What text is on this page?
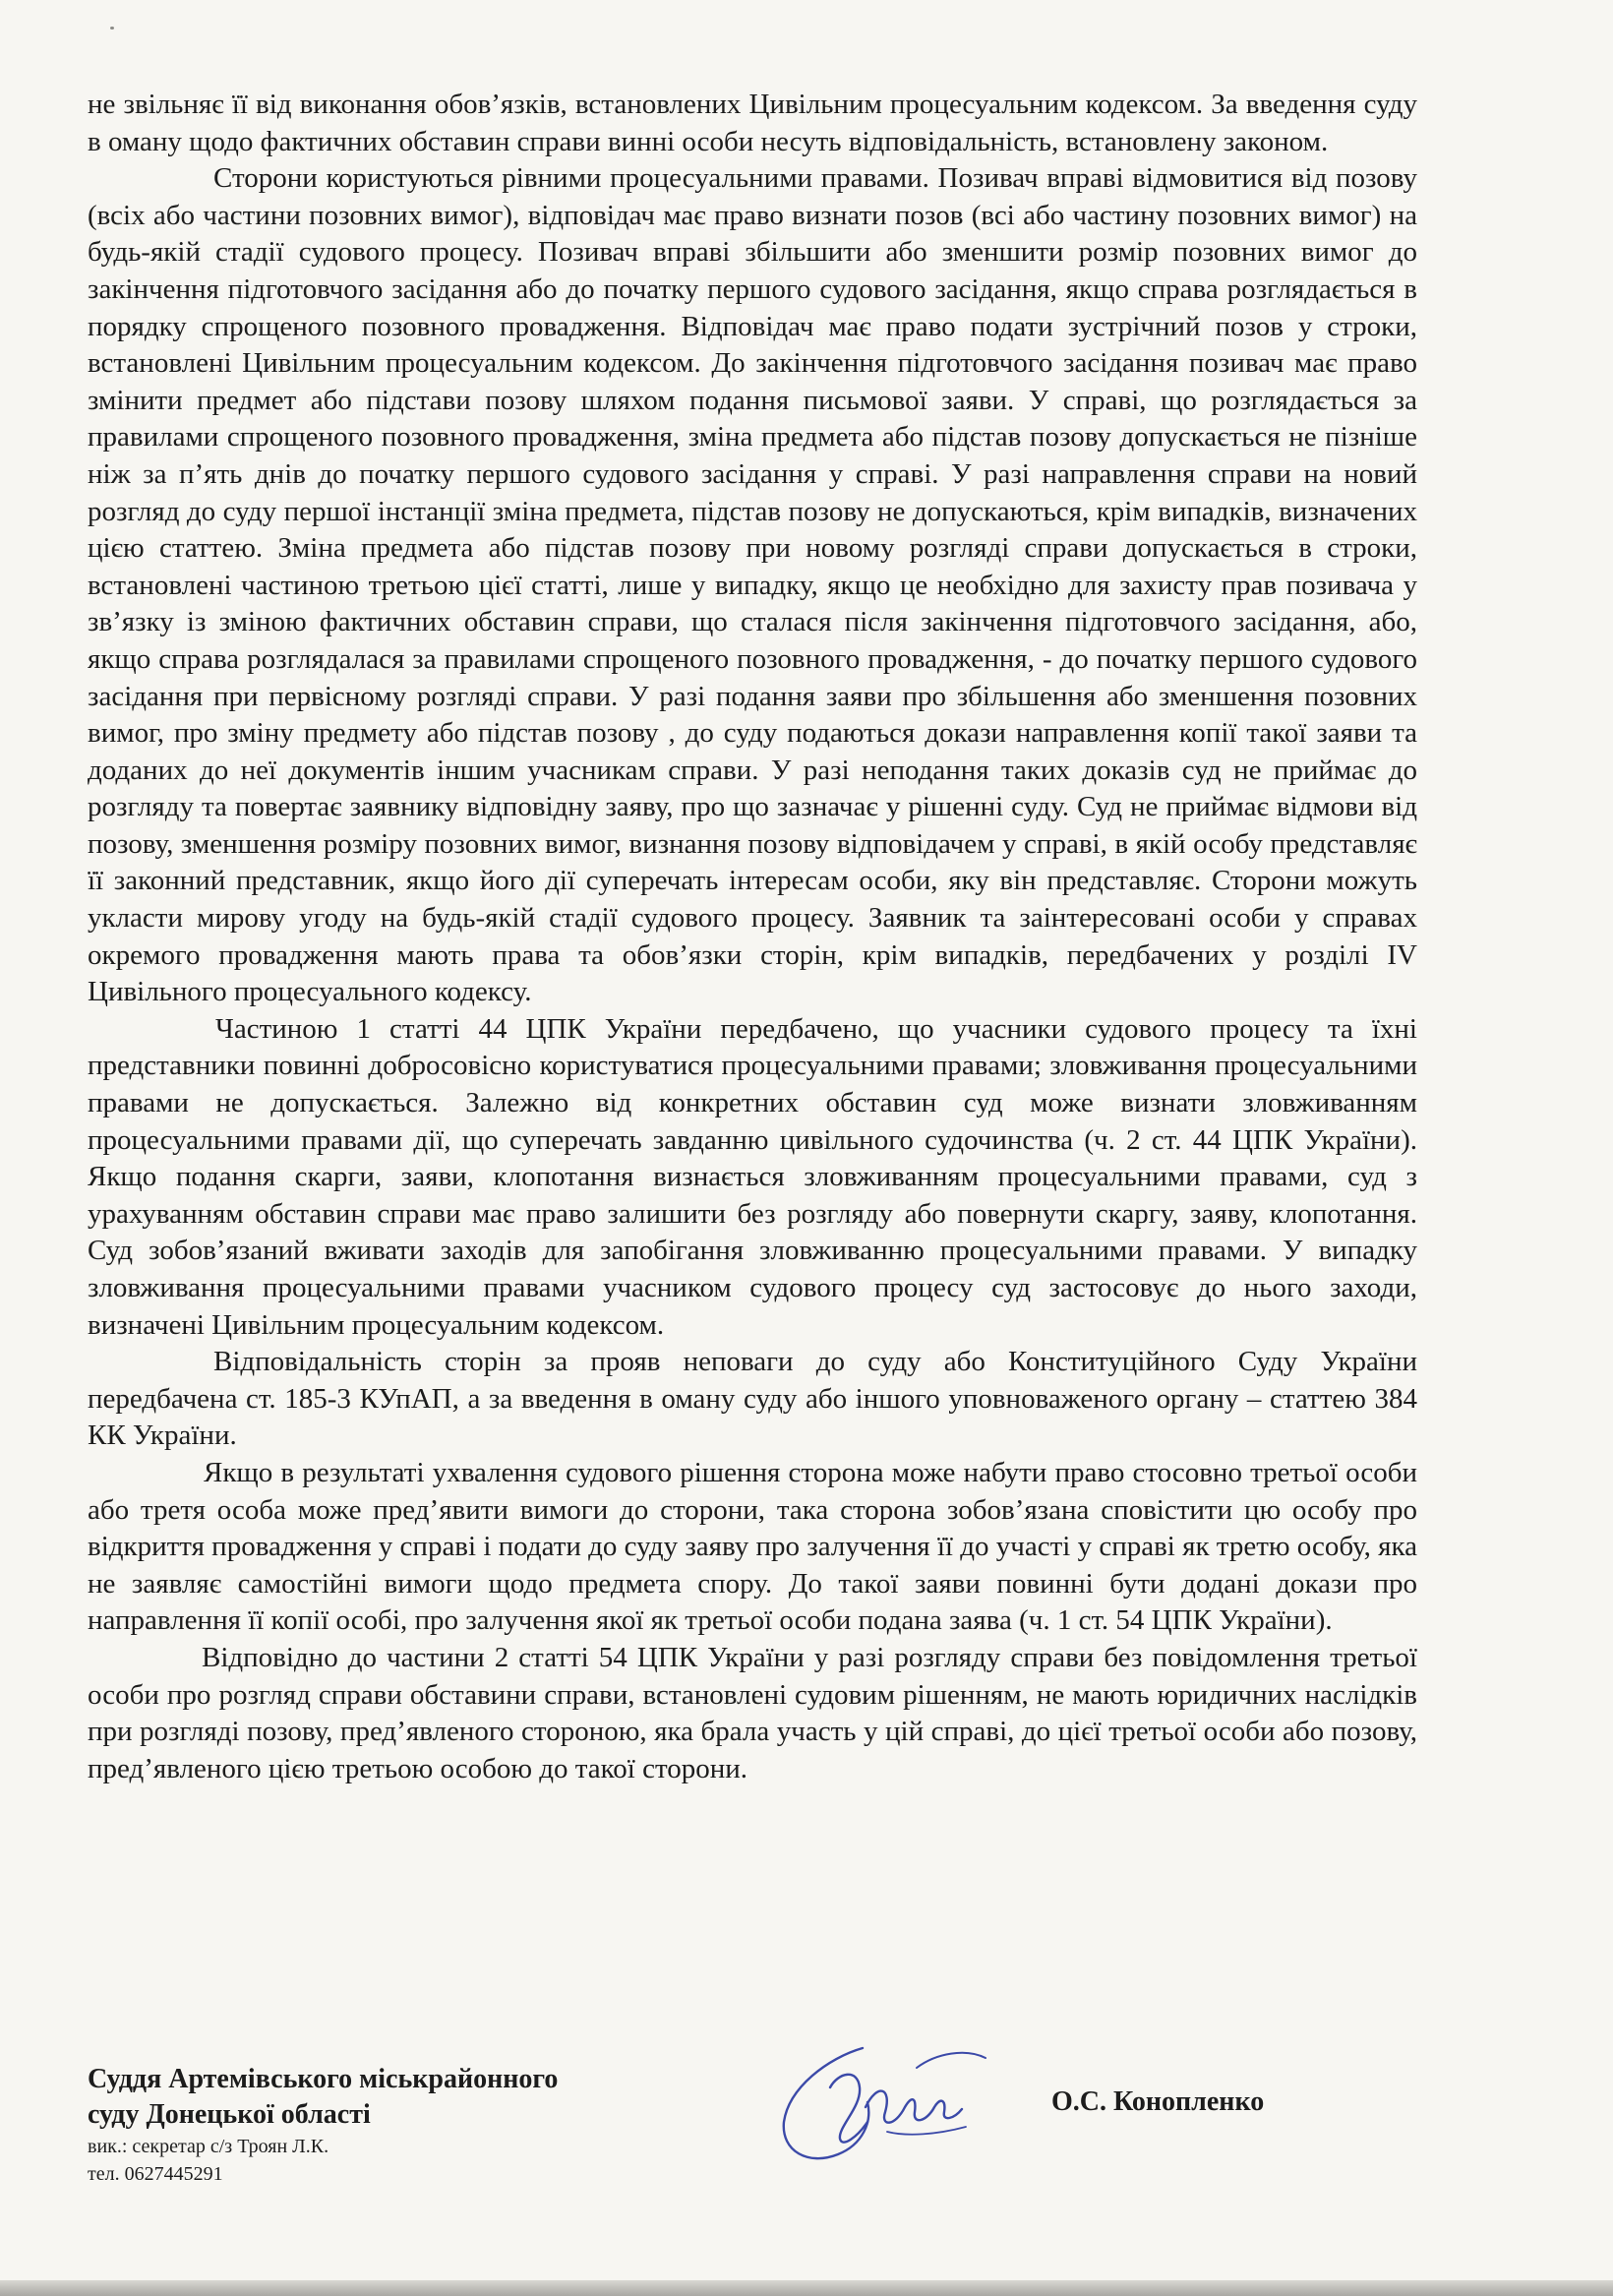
не звільняє її від виконання обов’язків, встановлених Цивільним процесуальним кодексом. За введення суду в оману щодо фактичних обставин справи винні особи несуть відповідальність, встановлену законом.

Сторони користуються рівними процесуальними правами. Позивач вправі відмовитися від позову (всіх або частини позовних вимог), відповідач має право визнати позов (всі або частину позовних вимог) на будь-якій стадії судового процесу. Позивач вправі збільшити або зменшити розмір позовних вимог до закінчення підготовчого засідання або до початку першого судового засідання, якщо справа розглядається в порядку спрощеного позовного провадження. Відповідач має право подати зустрічний позов у строки, встановлені Цивільним процесуальним кодексом. До закінчення підготовчого засідання позивач має право змінити предмет або підстави позову шляхом подання письмової заяви. У справі, що розглядається за правилами спрощеного позовного провадження, зміна предмета або підстав позову допускається не пізніше ніж за п’ять днів до початку першого судового засідання у справі. У разі направлення справи на новий розгляд до суду першої інстанції зміна предмета, підстав позову не допускаються, крім випадків, визначених цією статтею. Зміна предмета або підстав позову при новому розгляді справи допускається в строки, встановлені частиною третьою цієї статті, лише у випадку, якщо це необхідно для захисту прав позивача у зв’язку із зміною фактичних обставин справи, що сталася після закінчення підготовчого засідання, або, якщо справа розглядалася за правилами спрощеного позовного провадження, - до початку першого судового засідання при первісному розгляді справи. У разі подання заяви про збільшення або зменшення позовних вимог, про зміну предмету або підстав позову , до суду подаються докази направлення копії такої заяви та доданих до неї документів іншим учасникам справи. У разі неподання таких доказів суд не приймає до розгляду та повертає заявнику відповідну заяву, про що зазначає у рішенні суду. Суд не приймає відмови від позову, зменшення розміру позовних вимог, визнання позову відповідачем у справі, в якій особу представляє її законний представник, якщо його дії суперечать інтересам особи, яку він представляє. Сторони можуть укласти мирову угоду на будь-якій стадії судового процесу. Заявник та заінтересовані особи у справах окремого провадження мають права та обов’язки сторін, крім випадків, передбачених у розділі IV Цивільного процесуального кодексу.

Частиною 1 статті 44 ЦПК України передбачено, що учасники судового процесу та їхні представники повинні добросовісно користуватися процесуальними правами; зловживання процесуальними правами не допускається. Залежно від конкретних обставин суд може визнати зловживанням процесуальними правами дії, що суперечать завданню цивільного судочинства (ч. 2 ст. 44 ЦПК України). Якщо подання скарги, заяви, клопотання визнається зловживанням процесуальними правами, суд з урахуванням обставин справи має право залишити без розгляду або повернути скаргу, заяву, клопотання. Суд зобов’язаний вживати заходів для запобігання зловживанню процесуальними правами. У випадку зловживання процесуальними правами учасником судового процесу суд застосовує до нього заходи, визначені Цивільним процесуальним кодексом.

Відповідальність сторін за прояв неповаги до суду або Конституційного Суду України передбачена ст. 185-3 КУпАП, а за введення в оману суду або іншого уповноваженого органу – статтею 384 КК України.

Якщо в результаті ухвалення судового рішення сторона може набути право стосовно третьої особи або третя особа може пред’явити вимоги до сторони, така сторона зобов’язана сповістити цю особу про відкриття провадження у справі і подати до суду заяву про залучення її до участі у справі як третю особу, яка не заявляє самостійні вимоги щодо предмета спору. До такої заяви повинні бути додані докази про направлення її копії особі, про залучення якої як третьої особи подана заява (ч. 1 ст. 54 ЦПК України).

Відповідно до частини 2 статті 54 ЦПК України у разі розгляду справи без повідомлення третьої особи про розгляд справи обставини справи, встановлені судовим рішенням, не мають юридичних наслідків при розгляді позову, пред’явленого стороною, яка брала участь у цій справі, до цієї третьої особи або позову, пред’явленого цією третьою особою до такої сторони.

Суддя Артемівського міськрайонного
суду Донецької області
вик.: секретар с/з Троян Л.К.
тел. 0627445291
О.С. Конопленко
